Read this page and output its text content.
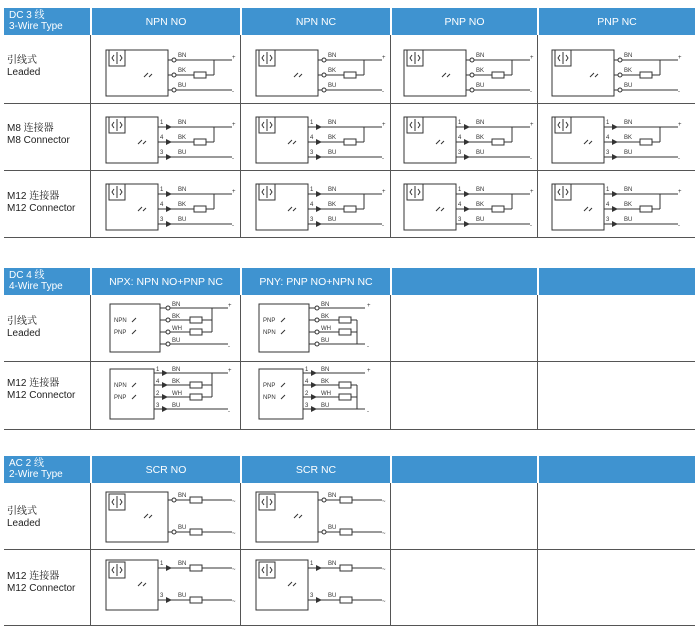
DC 3 线
3-Wire Type	NPN NO	NPN NC	PNP NO	PNP NC
引线式
Leaded
M8 连接器
M8 Connector
M12 连接器
M12 Connector
DC 4 线
4-Wire Type	NPX: NPN NO+PNP NC	PNY: PNP NO+NPN NC
引线式
Leaded
M12 连接器
M12 Connector
AC 2 线
2-Wire Type	SCR NO	SCR NC
引线式
Leaded
M12 连接器
M12 Connector
